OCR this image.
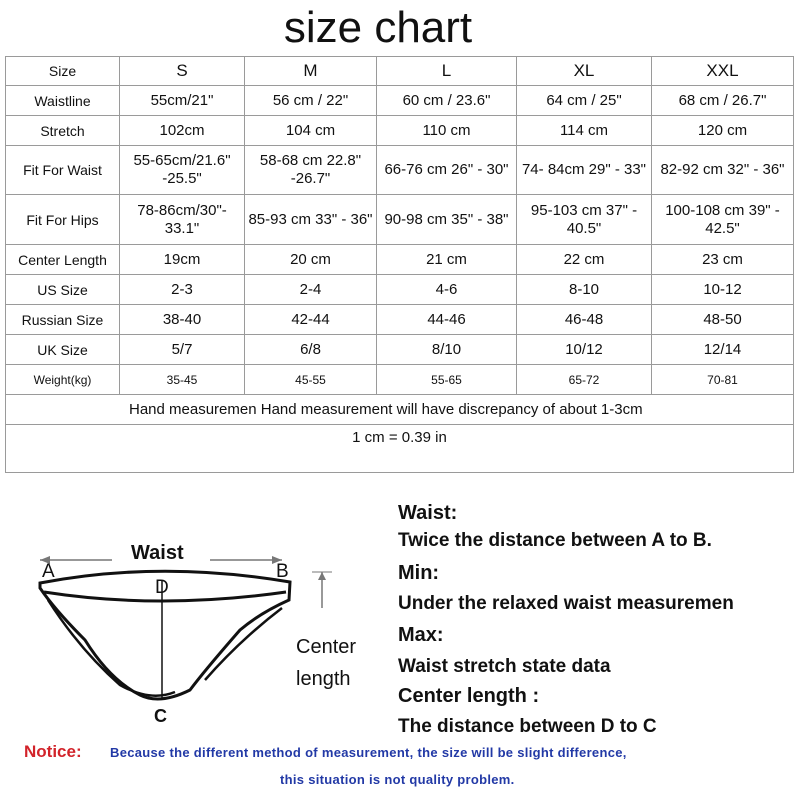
size chart
Size	S	M	L	XL	XXL
Waistline	55cm/21"	56 cm / 22"	60 cm / 23.6"	64 cm / 25"	68 cm / 26.7"
Stretch	102cm	104 cm	110 cm	114 cm	120 cm
Fit For Waist	55-65cm/21.6" -25.5"	58-68 cm 22.8" -26.7"	66-76 cm 26" - 30"	74- 84cm 29" - 33"	82-92 cm 32" - 36"
Fit For Hips	78-86cm/30"- 33.1"	85-93 cm 33" - 36"	90-98 cm 35" - 38"	95-103 cm 37" - 40.5"	100-108 cm 39" - 42.5"
Center Length	19cm	20 cm	21 cm	22 cm	23 cm
US Size	2-3	2-4	4-6	8-10	10-12
Russian Size	38-40	42-44	44-46	46-48	48-50
UK Size	5/7	6/8	8/10	10/12	12/14
Weight(kg)	35-45	45-55	55-65	65-72	70-81
Hand measuremen Hand measurement will have discrepancy of about 1-3cm					
1 cm = 0.39 in					
Waist
A	B
D
C
Center
length
Waist:
Twice the distance between A to B.
Min:
Under the relaxed waist measuremen
Max:
Waist stretch state data
Center length :
The distance between D to C
Notice: Because the different method of measurement, the size will be slight difference,
this situation is not quality problem.
